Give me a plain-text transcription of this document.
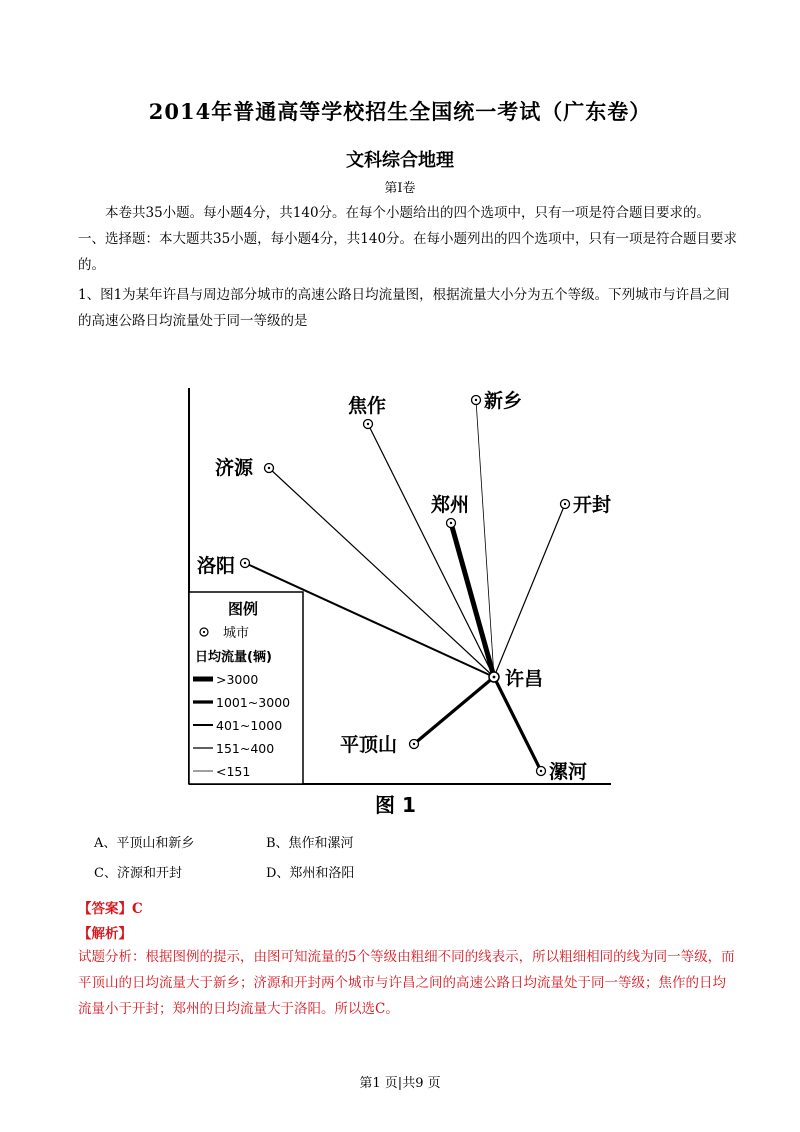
2014年普通高等学校招生全国统一考试（广东卷）
文科综合地理
第Ⅰ卷
本卷共35小题。每小题4分，共140分。在每个小题给出的四个选项中，只有一项是符合题目要求的。
一、选择题：本大题共35小题，每小题4分，共140分。在每小题列出的四个选项中，只有一项是符合题目要求的。
1、图1为某年许昌与周边部分城市的高速公路日均流量图，根据流量大小分为五个等级。下列城市与许昌之间的高速公路日均流量处于同一等级的是
焦作	新乡
济源
郑州	开封
洛阳
平顶山
漯河
许昌
图例
城市
日均流量(辆)
>3000
1001~3000
401~1000
151~400
<151
图 1
A、平顶山和新乡	B、焦作和漯河
C、济源和开封	D、郑州和洛阳
【答案】C
【解析】
试题分析：根据图例的提示，由图可知流量的5个等级由粗细不同的线表示，所以粗细相同的线为同一等级，而平顶山的日均流量大于新乡；济源和开封两个城市与许昌之间的高速公路日均流量处于同一等级；焦作的日均流量小于开封；郑州的日均流量大于洛阳。所以选C。
第1 页|共9 页
